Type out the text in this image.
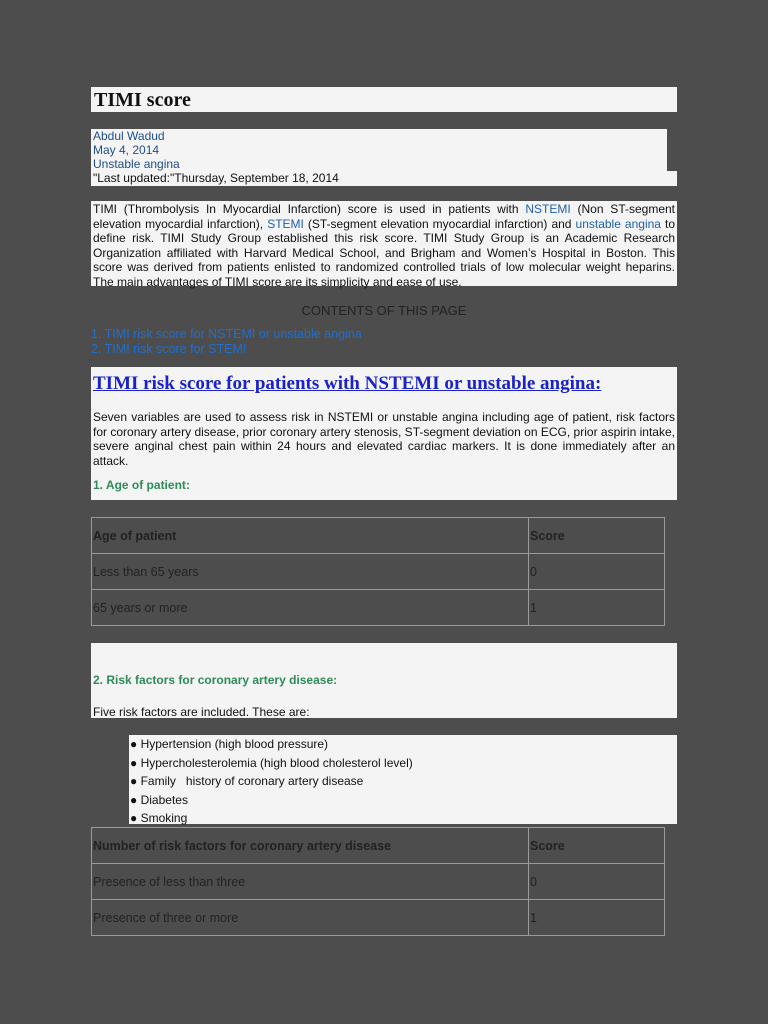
TIMI score
Abdul Wadud
May 4, 2014
Unstable angina
"Last updated:"Thursday, September 18, 2014
TIMI (Thrombolysis In Myocardial Infarction) score is used in patients with NSTEMI (Non ST-segment elevation myocardial infarction), STEMI (ST-segment elevation myocardial infarction) and unstable angina to define risk. TIMI Study Group established this risk score. TIMI Study Group is an Academic Research Organization affiliated with Harvard Medical School, and Brigham and Women’s Hospital in Boston. This score was derived from patients enlisted to randomized controlled trials of low molecular weight heparins. The main advantages of TIMI score are its simplicity and ease of use.
CONTENTS OF THIS PAGE
1. TIMI risk score for NSTEMI or unstable angina
2. TIMI risk score for STEMI
TIMI risk score for patients with NSTEMI or unstable angina:

Seven variables are used to assess risk in NSTEMI or unstable angina including age of patient, risk factors for coronary artery disease, prior coronary artery stenosis, ST-segment deviation on ECG, prior aspirin intake, severe anginal chest pain within 24 hours and elevated cardiac markers. It is done immediately after an attack.

1. Age of patient:
Age of patient	Score
Less than 65 years	0
65 years or more	1
2. Risk factors for coronary artery disease:
Five risk factors are included. These are:
● Hypertension (high blood pressure)
● Hypercholesterolemia (high blood cholesterol level)
● Family   history of coronary artery disease
● Diabetes
● Smoking
Number of risk factors for coronary artery disease	Score
Presence of less than three	0
Presence of three or more	1
